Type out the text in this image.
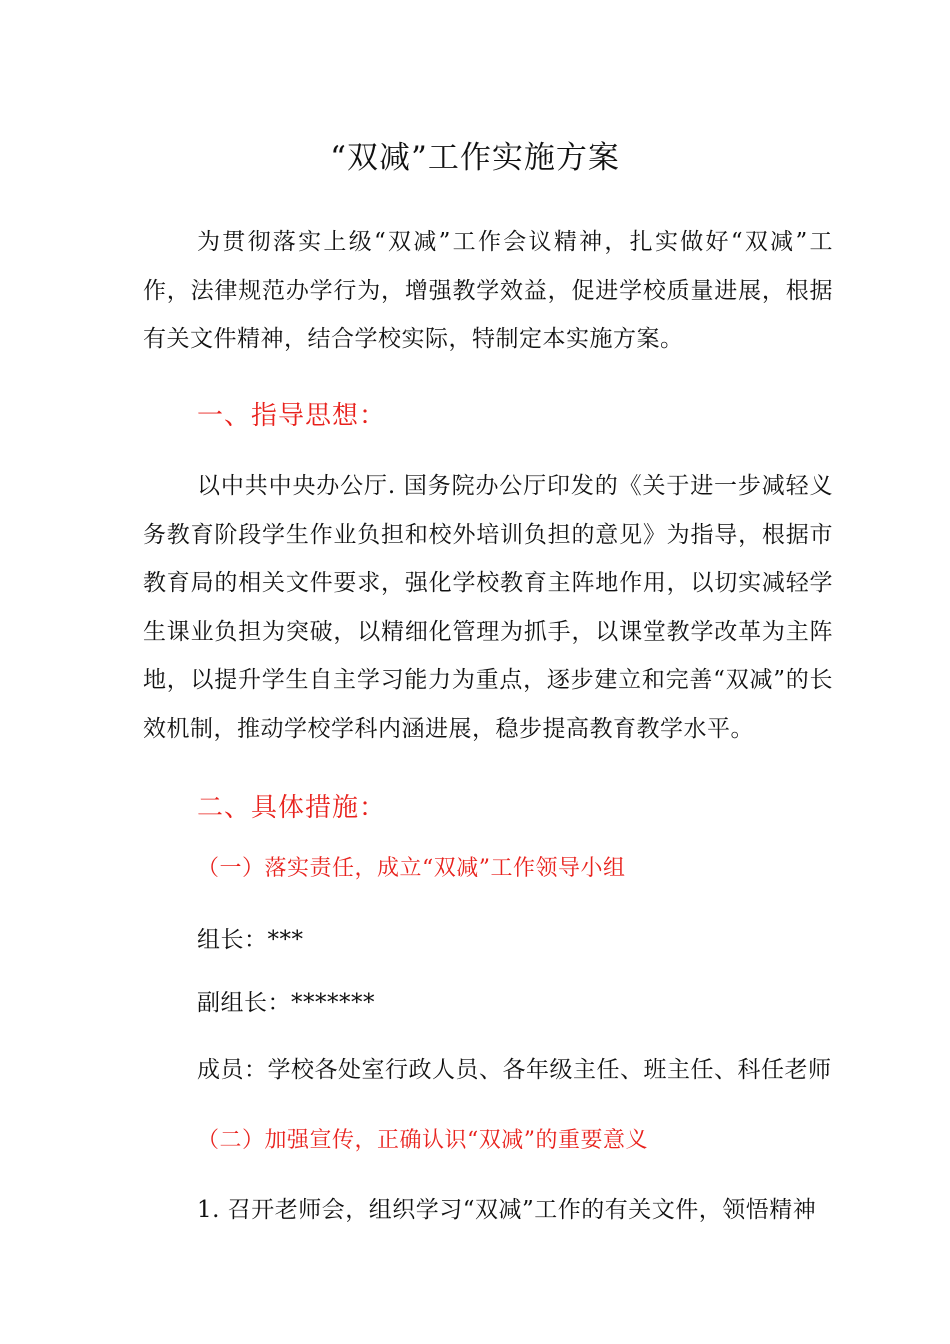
“双减”工作实施方案

为贯彻落实上级“双减”工作会议精神，扎实做好“双减”工作，法律规范办学行为，增强教学效益，促进学校质量进展，根据有关文件精神，结合学校实际，特制定本实施方案。

一、指导思想：

以中共中央办公厅. 国务院办公厅印发的《关于进一步减轻义务教育阶段学生作业负担和校外培训负担的意见》为指导，根据市教育局的相关文件要求，强化学校教育主阵地作用，以切实减轻学生课业负担为突破，以精细化管理为抓手，以课堂教学改革为主阵地，以提升学生自主学习能力为重点，逐步建立和完善“双减”的长效机制，推动学校学科内涵进展，稳步提高教育教学水平。

二、具体措施：
（一）落实责任，成立“双减”工作领导小组
组长：***
副组长：*******
成员：学校各处室行政人员、各年级主任、班主任、科任老师
（二）加强宣传，正确认识“双减”的重要意义
1. 召开老师会，组织学习“双减”工作的有关文件，领悟精神
